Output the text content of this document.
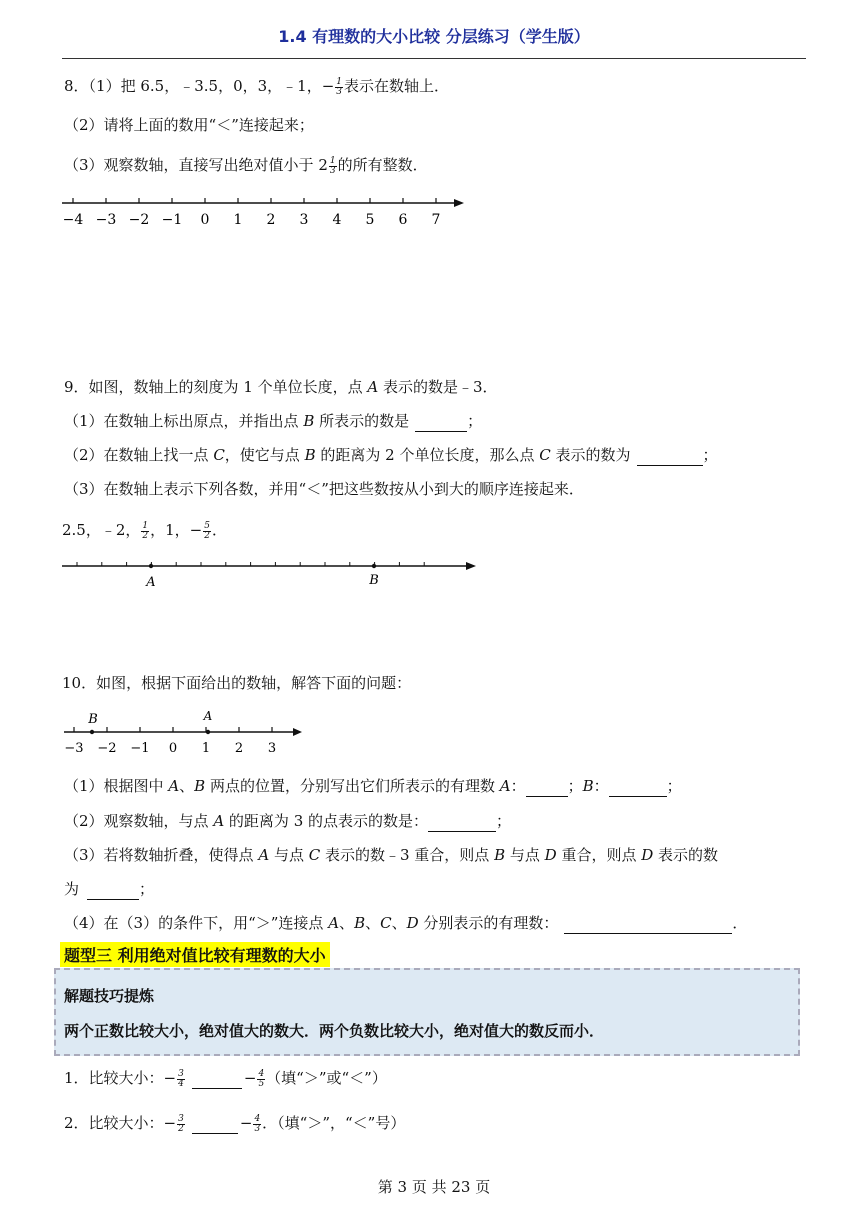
1.4 有理数的大小比较 分层练习（学生版）
8．（1）把 6.5，﹣3.5，0，3，﹣1，− $\frac{1}{3}$ 表示在数轴上．
（2）请将上面的数用“＜”连接起来；
（3）观察数轴，直接写出绝对值小于 $2 \frac{1}{3}$ 的所有整数．
−4 −3 −2 −1 0 1 2 3 4 5 6 7
9．如图，数轴上的刻度为 1 个单位长度，点 A 表示的数是﹣3．
（1）在数轴上标出原点，并指出点 B 所表示的数是	；
（2）在数轴上找一点 C，使它与点 B 的距离为 2 个单位长度，那么点 C 表示的数为	；
（3）在数轴上表示下列各数，并用“＜”把这些数按从小到大的顺序连接起来．
2.5，﹣2， $\frac{1}{2}$ ，1，− $\frac{5}{2}$ ．
A	B
10．如图，根据下面给出的数轴，解答下面的问题：
−3 −2 −1 0 1 2 3
B	A
（1）根据图中 A、B 两点的位置，分别写出它们所表示的有理数 A：	；B：	；
（2）观察数轴，与点 A 的距离为 3 的点表示的数是：	；
（3）若将数轴折叠，使得点 A 与点 C 表示的数﹣3 重合，则点 B 与点 D 重合，则点 D 表示的数
为	；
（4）在（3）的条件下，用“＞”连接点 A、B、C、D 分别表示的有理数：	．
题型三 利用绝对值比较有理数的大小
解题技巧提炼
两个正数比较大小，绝对值大的数大．两个负数比较大小，绝对值大的数反而小．
1．比较大小：− $\frac{3}{4}$	− $\frac{4}{5}$ （填“＞”或“＜”）
2．比较大小：− $\frac{3}{2}$	− $\frac{4}{3}$ ．（填“＞”，“＜”号）
第 3 页 共 23 页
